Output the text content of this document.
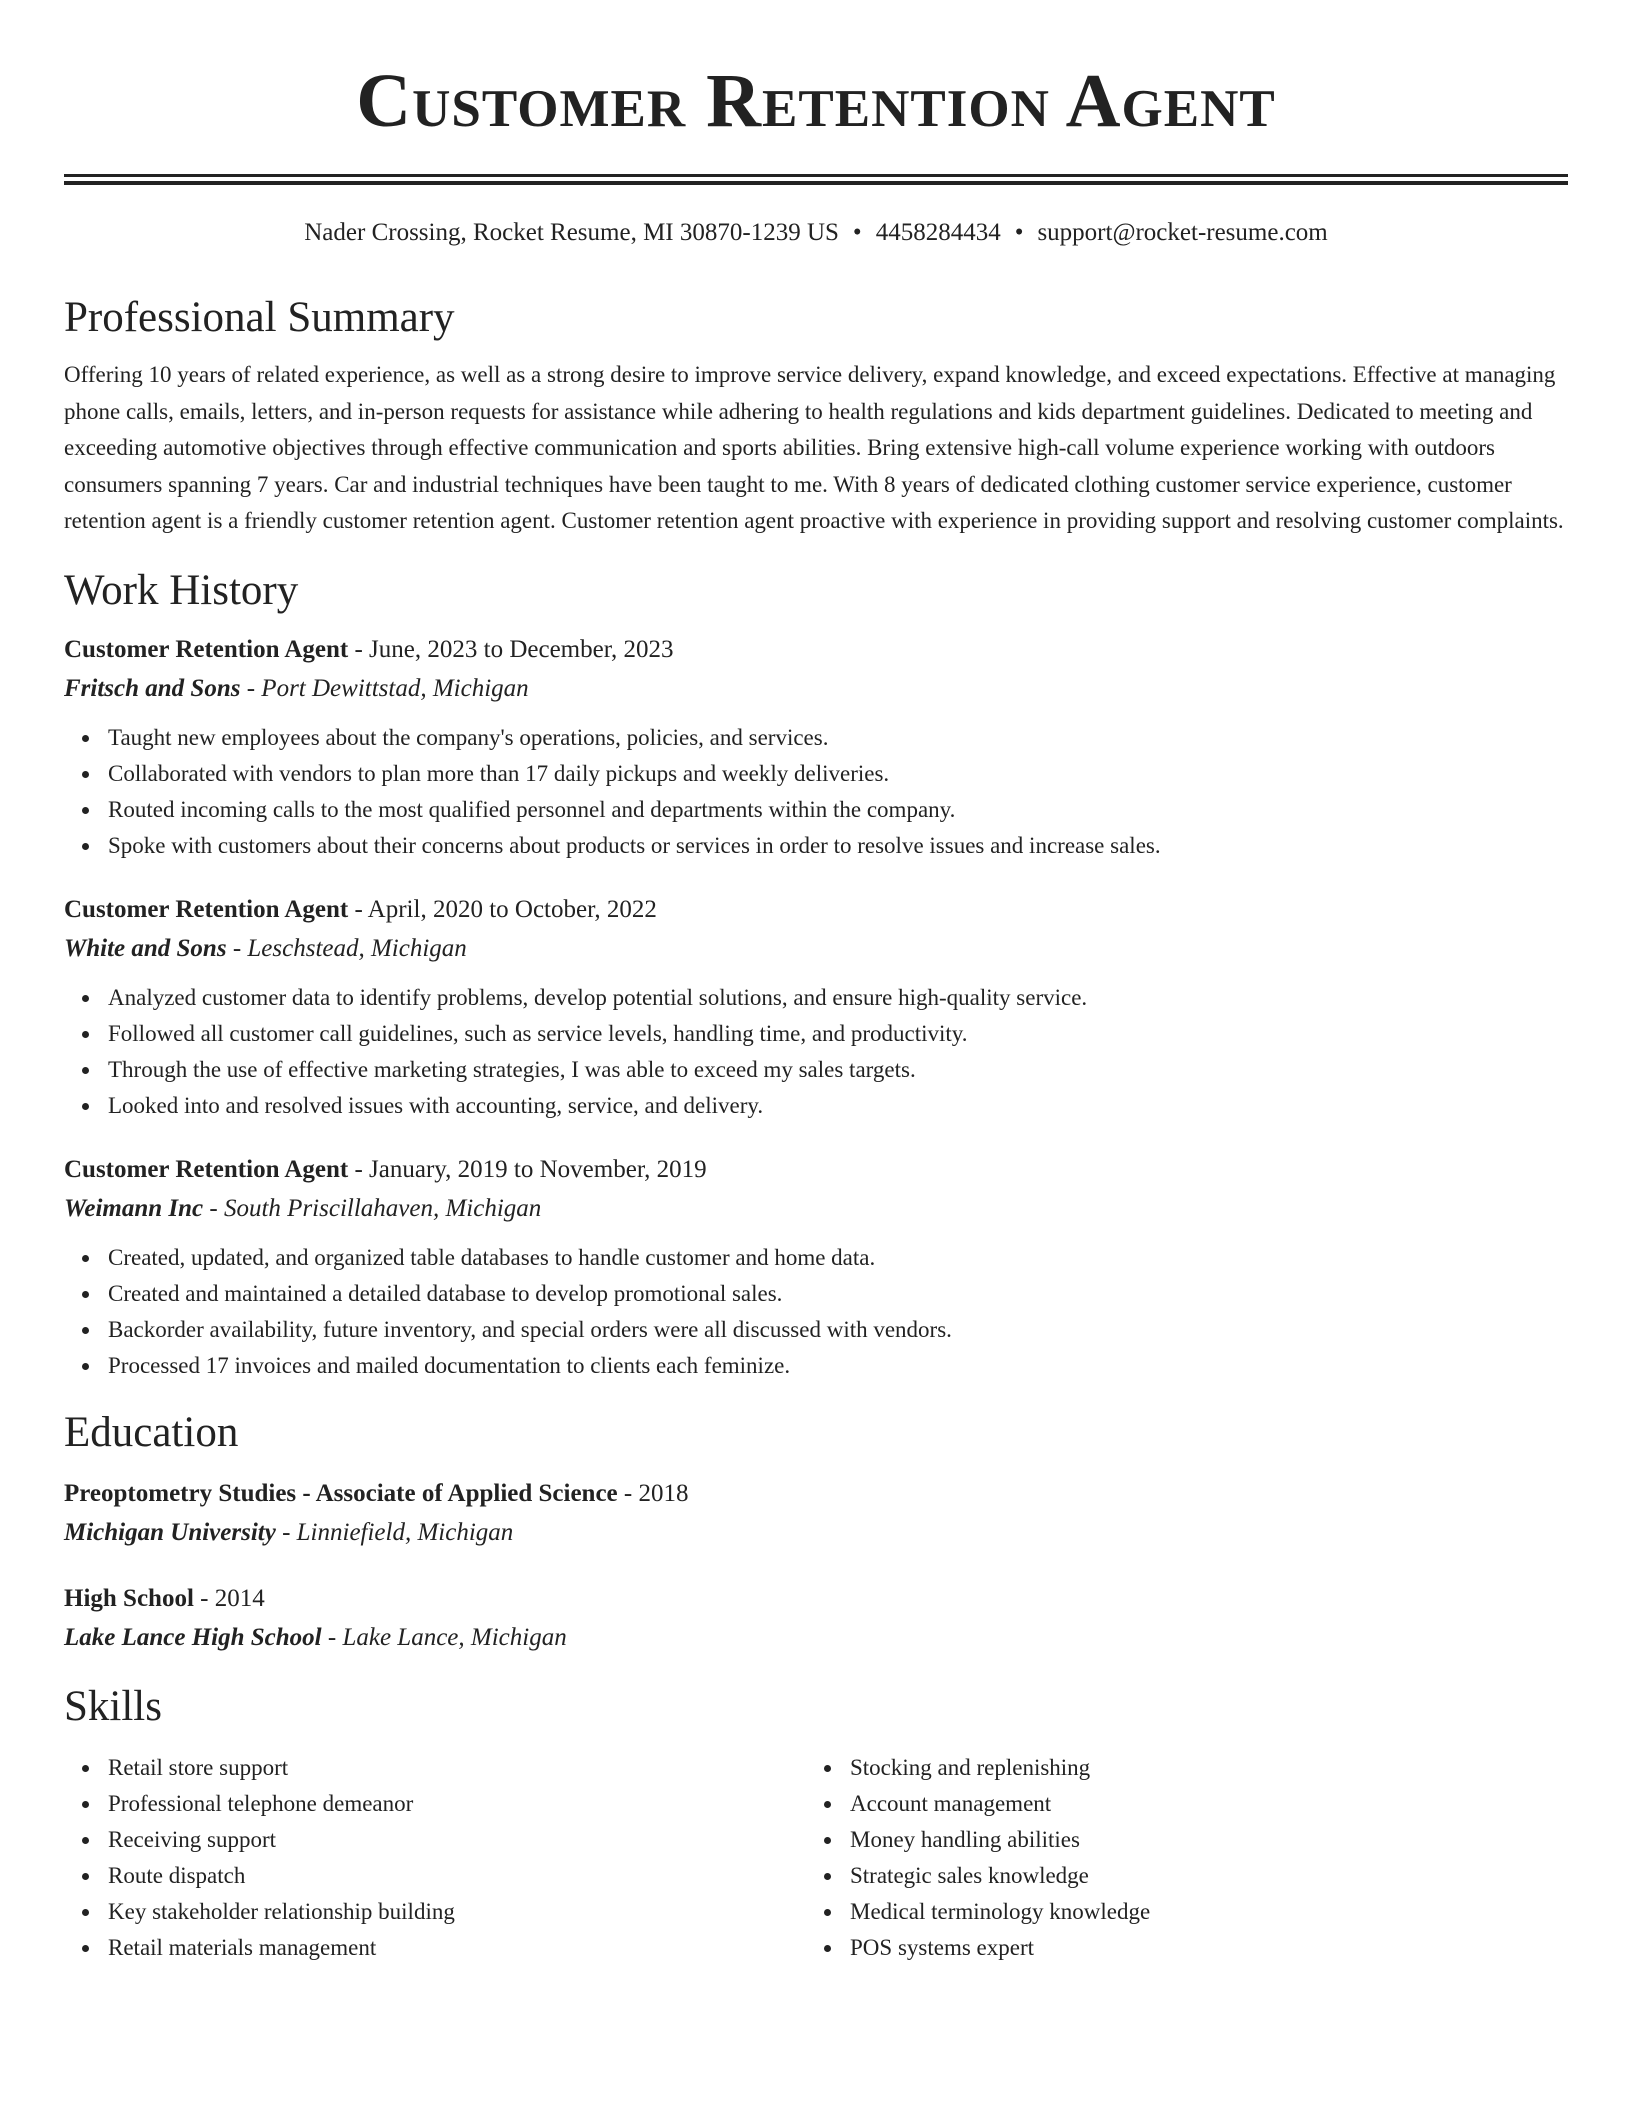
Customer Retention Agent
Nader Crossing, Rocket Resume, MI 30870-1239 US • 4458284434 • support@rocket-resume.com
Professional Summary

Offering 10 years of related experience, as well as a strong desire to improve service delivery, expand knowledge, and exceed expectations. Effective at managing phone calls, emails, letters, and in-person requests for assistance while adhering to health regulations and kids department guidelines. Dedicated to meeting and exceeding automotive objectives through effective communication and sports abilities. Bring extensive high-call volume experience working with outdoors consumers spanning 7 years. Car and industrial techniques have been taught to me. With 8 years of dedicated clothing customer service experience, customer retention agent is a friendly customer retention agent. Customer retention agent proactive with experience in providing support and resolving customer complaints.

Work History
Customer Retention Agent - June, 2023 to December, 2023
Fritsch and Sons - Port Dewittstad, Michigan
Taught new employees about the company's operations, policies, and services.
Collaborated with vendors to plan more than 17 daily pickups and weekly deliveries.
Routed incoming calls to the most qualified personnel and departments within the company.
Spoke with customers about their concerns about products or services in order to resolve issues and increase sales.
Customer Retention Agent - April, 2020 to October, 2022
White and Sons - Leschstead, Michigan
Analyzed customer data to identify problems, develop potential solutions, and ensure high-quality service.
Followed all customer call guidelines, such as service levels, handling time, and productivity.
Through the use of effective marketing strategies, I was able to exceed my sales targets.
Looked into and resolved issues with accounting, service, and delivery.
Customer Retention Agent - January, 2019 to November, 2019
Weimann Inc - South Priscillahaven, Michigan
Created, updated, and organized table databases to handle customer and home data.
Created and maintained a detailed database to develop promotional sales.
Backorder availability, future inventory, and special orders were all discussed with vendors.
Processed 17 invoices and mailed documentation to clients each feminize.
Education
Preoptometry Studies - Associate of Applied Science - 2018
Michigan University - Linniefield, Michigan
High School - 2014
Lake Lance High School - Lake Lance, Michigan
Skills
Retail store support
Professional telephone demeanor
Receiving support
Route dispatch
Key stakeholder relationship building
Retail materials management
Stocking and replenishing
Account management
Money handling abilities
Strategic sales knowledge
Medical terminology knowledge
POS systems expert
